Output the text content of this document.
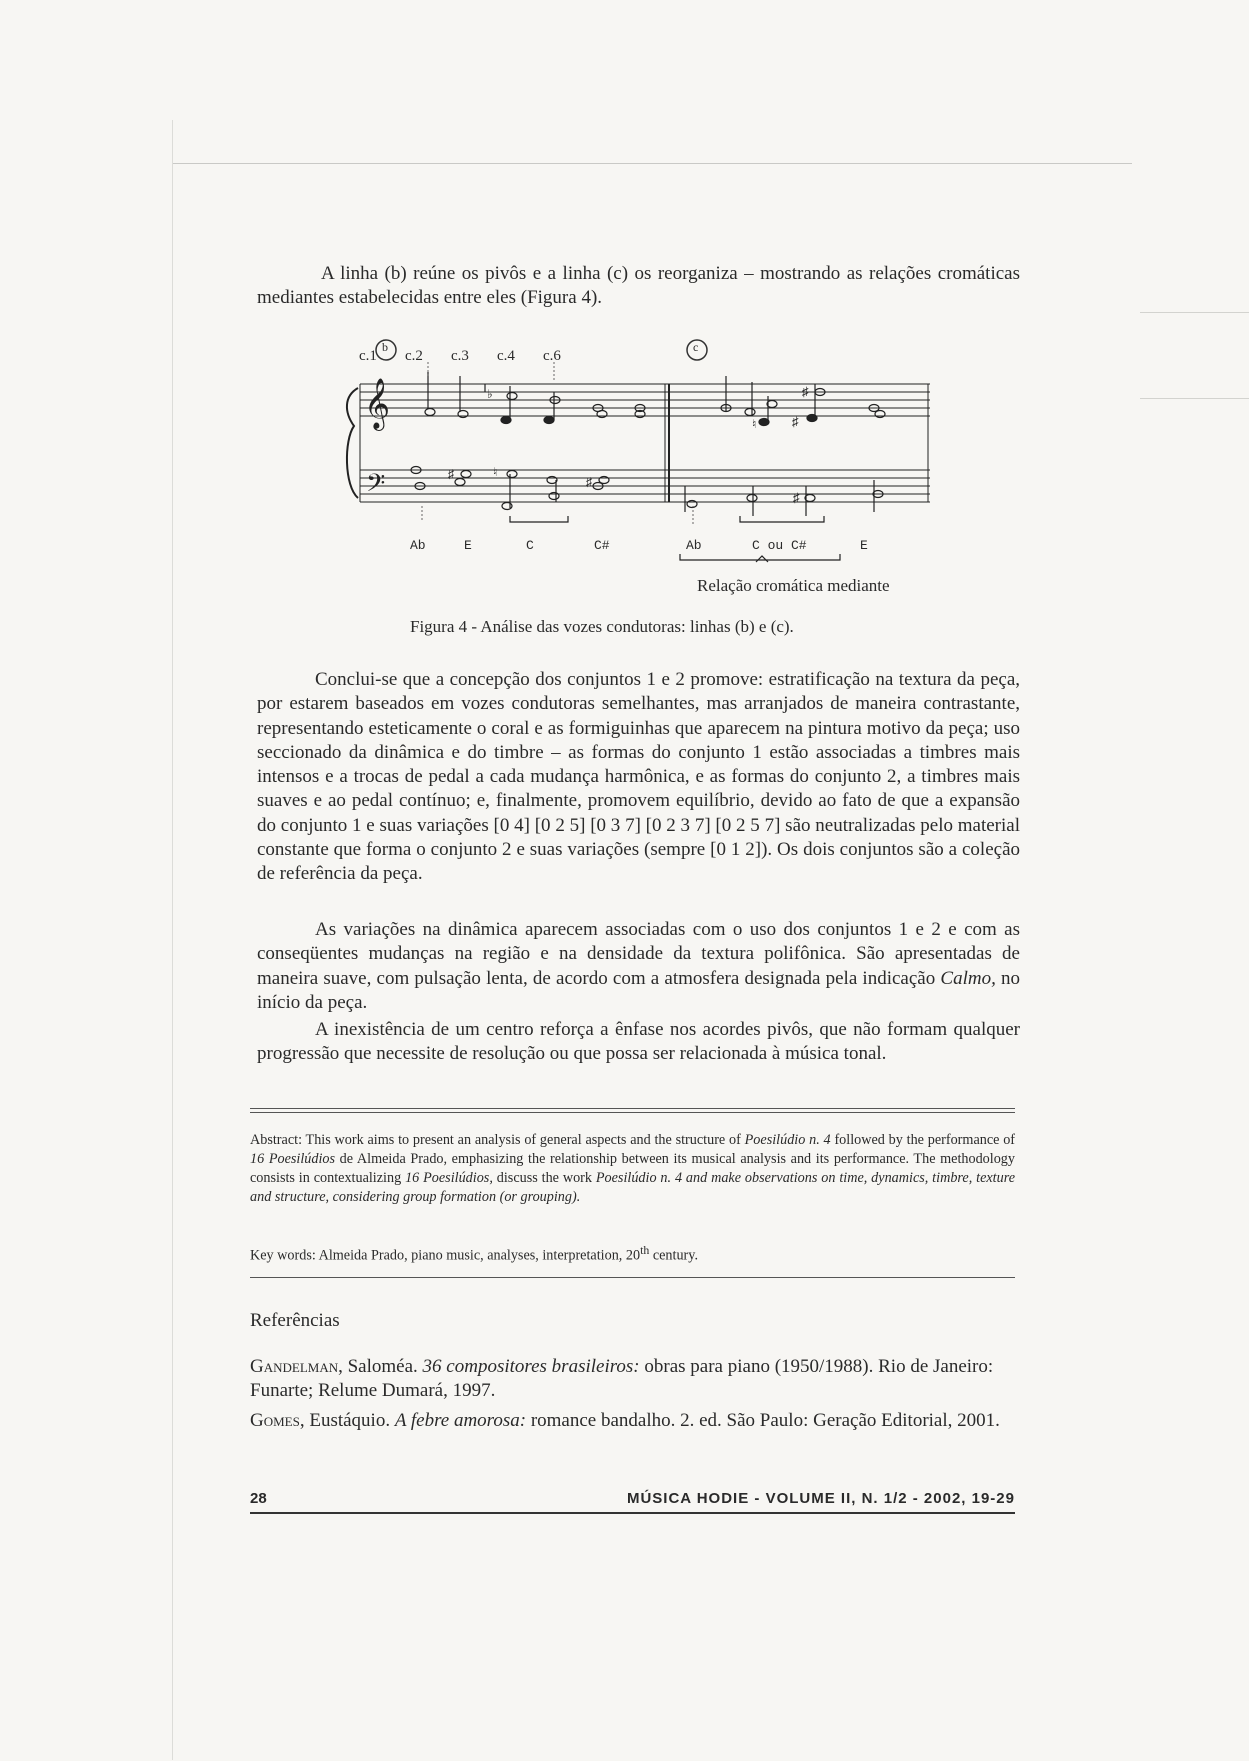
A linha (b) reúne os pivôs e a linha (c) os reorganiza – mostrando as relações cromáticas mediantes estabelecidas entre eles (Figura 4).

𝄞
𝄢
♭
♮
♯
♯
♯	♮
♯
♯
c.1 c.2 c.3 c.4 c.6
b	c
Ab	E	C	C#	Ab	C ou C#	E
Relação cromática mediante
Figura 4 - Análise das vozes condutoras: linhas (b) e (c).

Conclui-se que a concepção dos conjuntos 1 e 2 promove: estratificação na textura da peça, por estarem baseados em vozes condutoras semelhantes, mas arranjados de maneira contrastante, representando esteticamente o coral e as formiguinhas que aparecem na pintura motivo da peça; uso seccionado da dinâmica e do timbre – as formas do conjunto 1 estão associadas a timbres mais intensos e a trocas de pedal a cada mudança harmônica, e as formas do conjunto 2, a timbres mais suaves e ao pedal contínuo; e, finalmente, promovem equilíbrio, devido ao fato de que a expansão do conjunto 1 e suas variações [0 4] [0 2 5] [0 3 7] [0 2 3 7] [0 2 5 7] são neutralizadas pelo material constante que forma o conjunto 2 e suas variações (sempre [0 1 2]). Os dois conjuntos são a coleção de referência da peça.

As variações na dinâmica aparecem associadas com o uso dos conjuntos 1 e 2 e com as conseqüentes mudanças na região e na densidade da textura polifônica. São apresentadas de maneira suave, com pulsação lenta, de acordo com a atmosfera designada pela indicação Calmo, no início da peça.

A inexistência de um centro reforça a ênfase nos acordes pivôs, que não formam qualquer progressão que necessite de resolução ou que possa ser relacionada à música tonal.

Abstract: This work aims to present an analysis of general aspects and the structure of Poesilúdio n. 4 followed by the performance of 16 Poesilúdios de Almeida Prado, emphasizing the relationship between its musical analysis and its performance. The methodology consists in contextualizing 16 Poesilúdios, discuss the work Poesilúdio n. 4 and make observations on time, dynamics, timbre, texture and structure, considering group formation (or grouping).

Key words: Almeida Prado, piano music, analyses, interpretation, 20th century.

Referências

Gandelman, Saloméa. 36 compositores brasileiros: obras para piano (1950/1988). Rio de Janeiro: Funarte; Relume Dumará, 1997.

Gomes, Eustáquio. A febre amorosa: romance bandalho. 2. ed. São Paulo: Geração Editorial, 2001.

28	MÚSICA HODIE - VOLUME II, N. 1/2 - 2002, 19-29
